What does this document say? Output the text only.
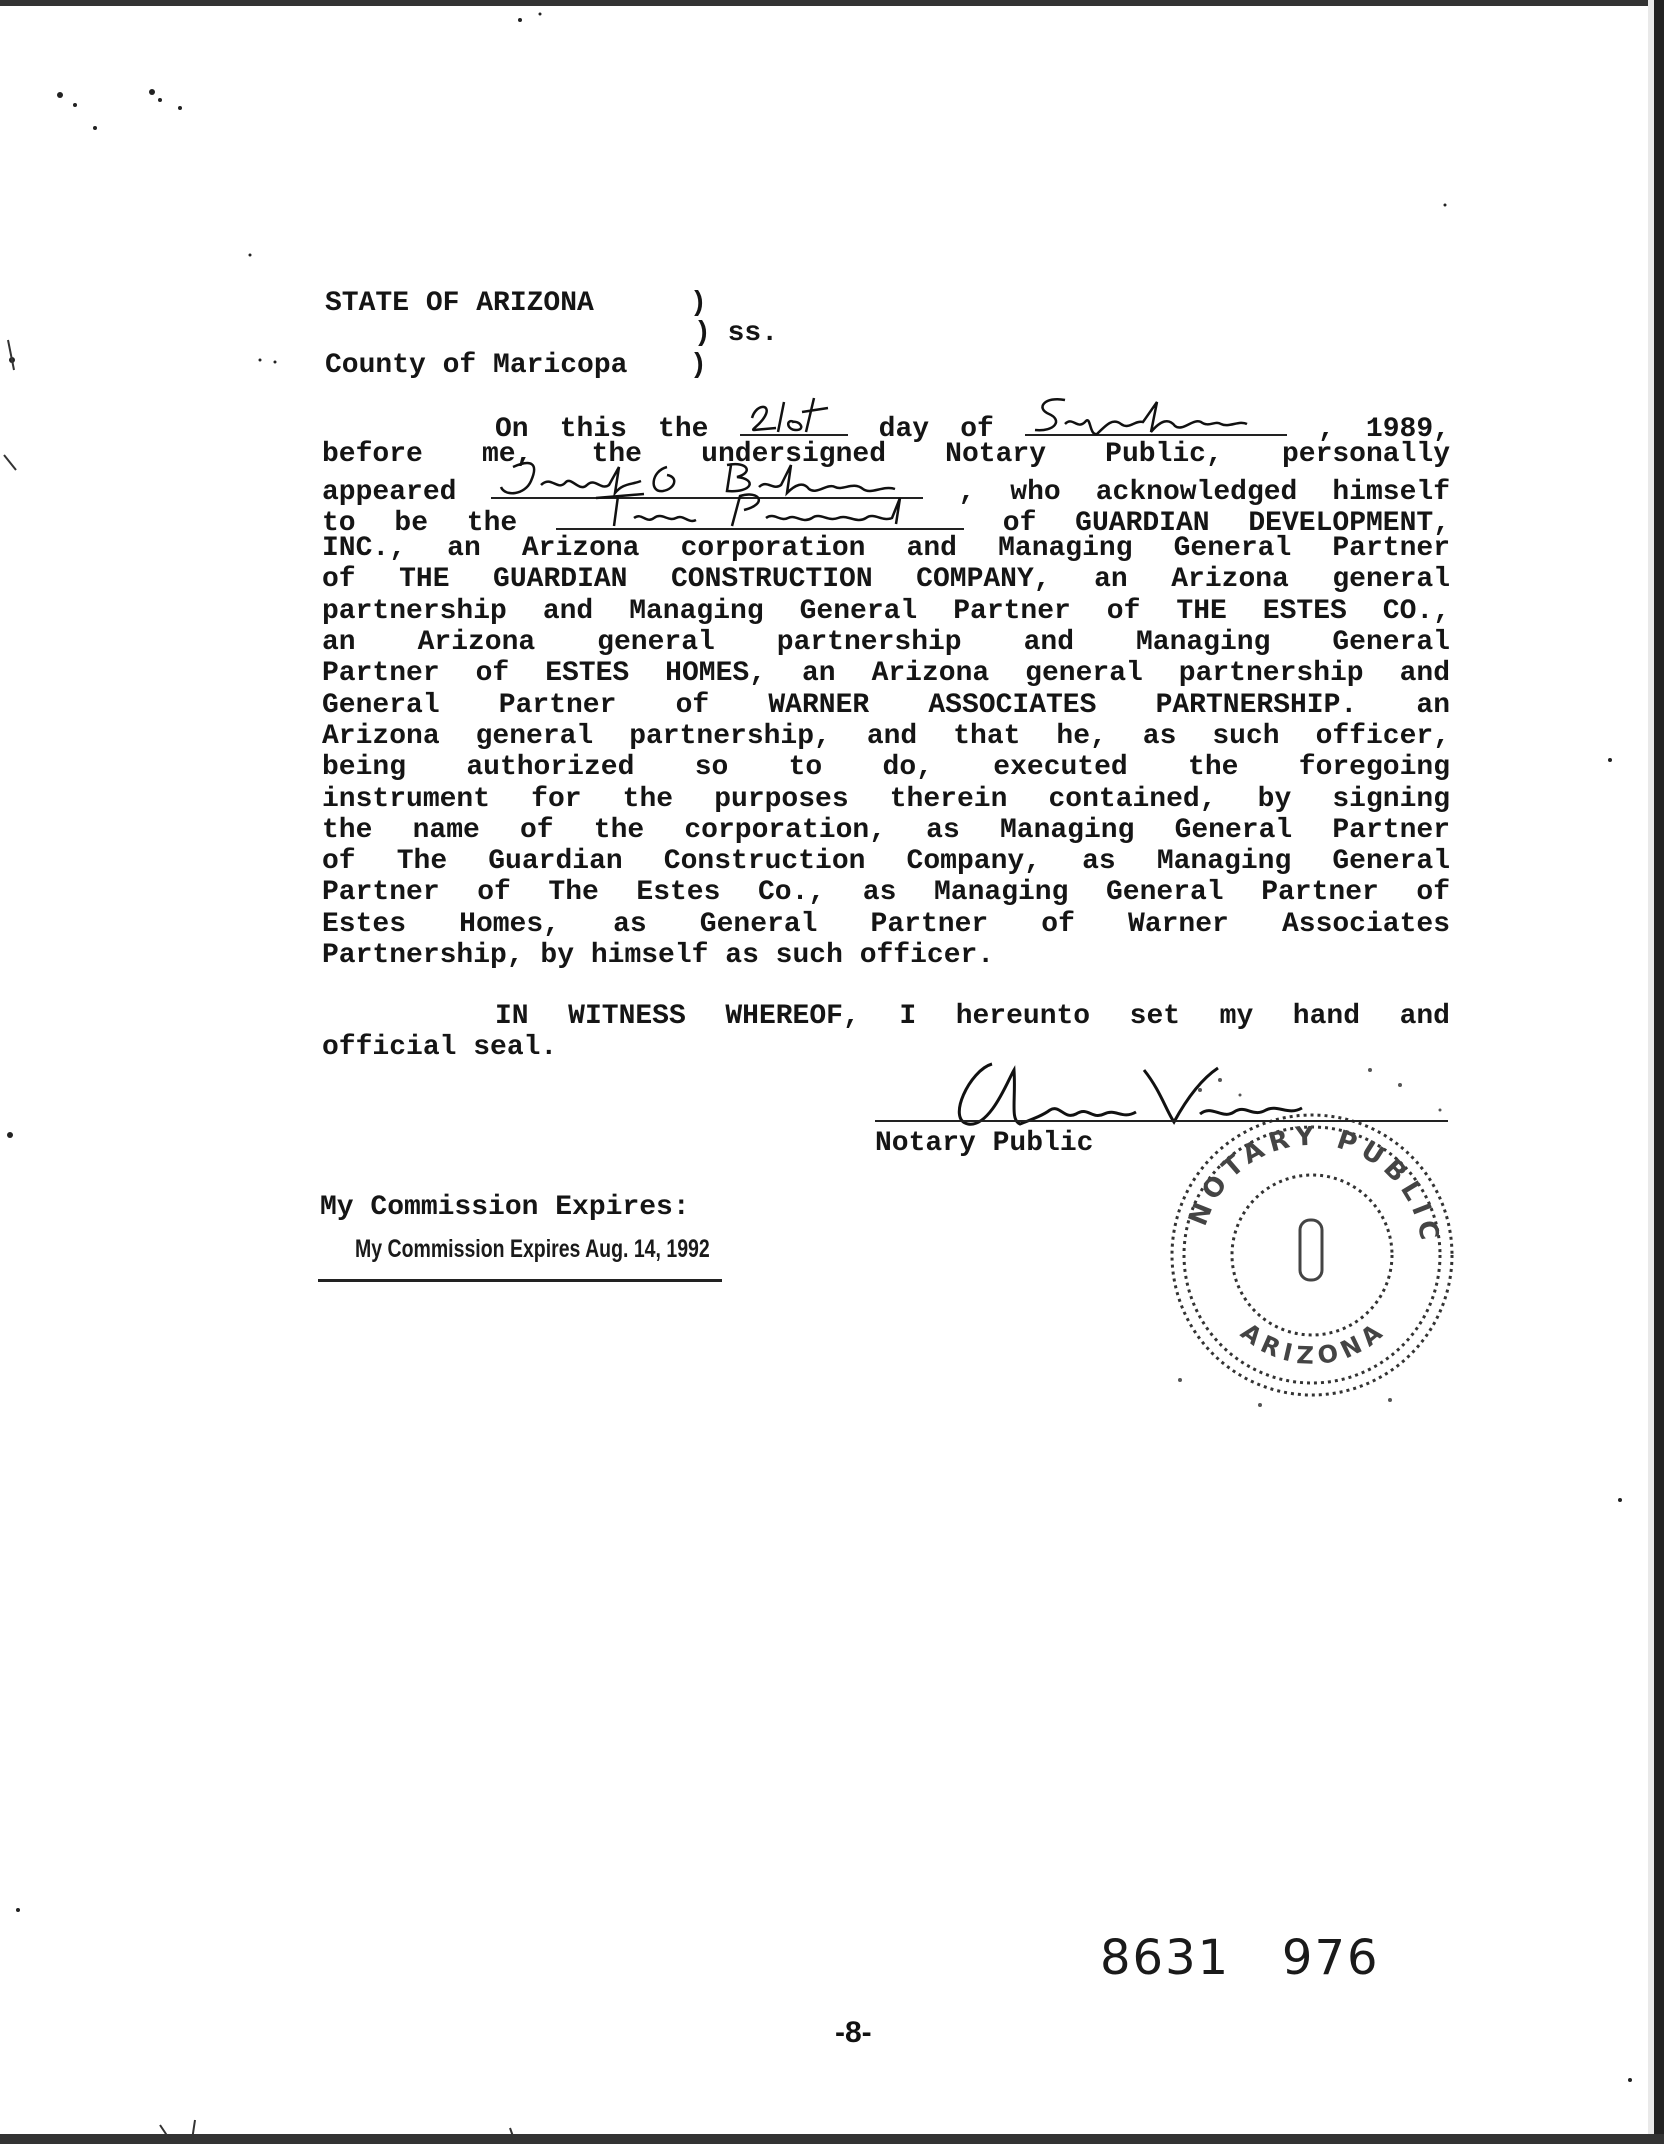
STATE OF ARIZONA	)
) ss.
County of Maricopa )
On this the	day of	, 1989,
before me, the undersigned Notary Public, personally
appeared	, who acknowledged himself
to be the	of GUARDIAN DEVELOPMENT,
INC., an Arizona corporation and Managing General Partner
of THE GUARDIAN CONSTRUCTION COMPANY, an Arizona general
partnership and Managing General Partner of THE ESTES CO.,
an Arizona general partnership and Managing General
Partner of ESTES HOMES, an Arizona general partnership and
General Partner of WARNER ASSOCIATES PARTNERSHIP. an
Arizona general partnership, and that he, as such officer,
being authorized so to do, executed the foregoing
instrument for the purposes therein contained, by signing
the name of the corporation, as Managing General Partner
of The Guardian Construction Company, as Managing General
Partner of The Estes Co., as Managing General Partner of
Estes Homes, as General Partner of Warner Associates
Partnership, by himself as such officer.
IN WITNESS WHEREOF, I hereunto set my hand and
official seal.
NOTARY PUBLIC
ARIZONA
Notary Public
My Commission Expires:
My Commission Expires Aug. 14, 1992
8631   976
-8-
